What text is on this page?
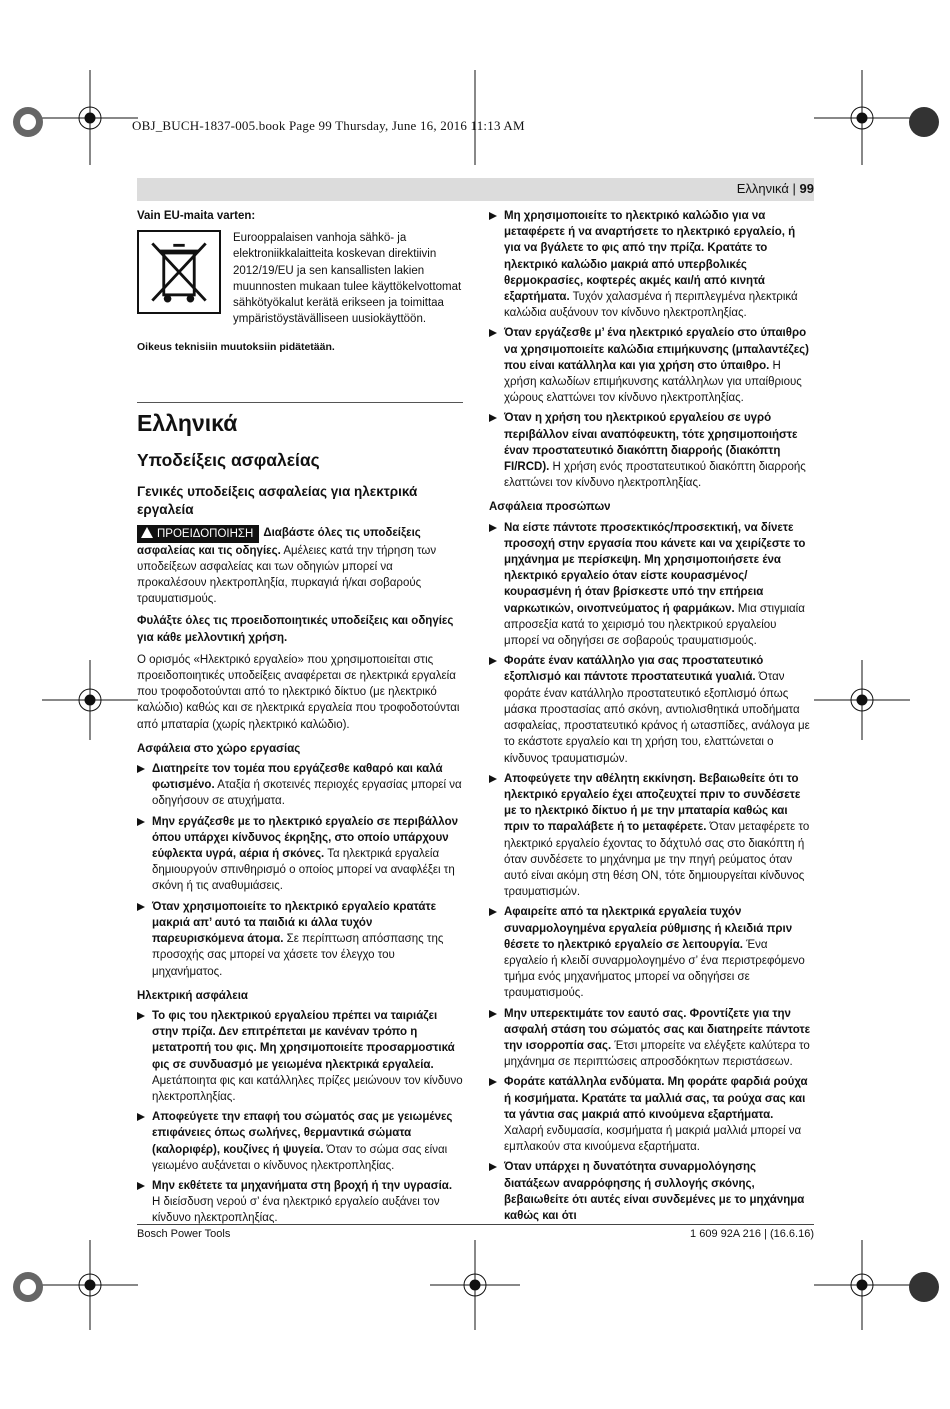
OBJ_BUCH-1837-005.book Page 99 Thursday, June 16, 2016 11:13 AM
Ελληνικά | 99

Vain EU-maita varten:

Eurooppalaisen vanhoja sähkö- ja elektroniikkalaitteita koskevan direktiivin 2012/19/EU ja sen kansallisten lakien muunnosten mukaan tulee käyttökelvottomat sähkötyökalut kerätä erikseen ja toimittaa ympäristöystävälliseen uusiokäyttöön.

Oikeus teknisiin muutoksiin pidätetään.

Ελληνικά
Υποδείξεις ασφαλείας
Γενικές υποδείξεις ασφαλείας για ηλεκτρικά εργαλεία

ΠΡΟΕΙΔΟΠΟΙΗΣΗ Διαβάστε όλες τις υποδείξεις ασφαλείας και τις οδηγίες. Αμέλειες κατά την τήρηση των υποδείξεων ασφαλείας και των οδηγιών μπορεί να προκαλέσουν ηλεκτροπληξία, πυρκαγιά ή/και σοβαρούς τραυματισμούς.

Φυλάξτε όλες τις προειδοποιητικές υποδείξεις και οδηγίες για κάθε μελλοντική χρήση.

Ο ορισμός «Ηλεκτρικό εργαλείο» που χρησιμοποιείται στις προειδοποιητικές υποδείξεις αναφέρεται σε ηλεκτρικά εργαλεία που τροφοδοτούνται από το ηλεκτρικό δίκτυο (με ηλεκτρικό καλώδιο) καθώς και σε ηλεκτρικά εργαλεία που τροφοδοτούνται από μπαταρία (χωρίς ηλεκτρικό καλώδιο).

Ασφάλεια στο χώρο εργασίας

Διατηρείτε τον τομέα που εργάζεσθε καθαρό και καλά φωτισμένο. Αταξία ή σκοτεινές περιοχές εργασίας μπορεί να οδηγήσουν σε ατυχήματα.
Μην εργάζεσθε με το ηλεκτρικό εργαλείο σε περιβάλλον όπου υπάρχει κίνδυνος έκρηξης, στο οποίο υπάρχουν εύφλεκτα υγρά, αέρια ή σκόνες. Τα ηλεκτρικά εργαλεία δημιουργούν σπινθηρισμό ο οποίος μπορεί να αναφλέξει τη σκόνη ή τις αναθυμιάσεις.
Όταν χρησιμοποιείτε το ηλεκτρικό εργαλείο κρατάτε μακριά απ’ αυτό τα παιδιά κι άλλα τυχόν παρευρισκόμενα άτομα. Σε περίπτωση απόσπασης της προσοχής σας μπορεί να χάσετε τον έλεγχο του μηχανήματος.

Ηλεκτρική ασφάλεια

Το φις του ηλεκτρικού εργαλείου πρέπει να ταιριάζει στην πρίζα. Δεν επιτρέπεται με κανέναν τρόπο η μετατροπή του φις. Μη χρησιμοποιείτε προσαρμοστικά φις σε συνδυασμό με γειωμένα ηλεκτρικά εργαλεία. Αμετάποιητα φις και κατάλληλες πρίζες μειώνουν τον κίνδυνο ηλεκτροπληξίας.
Αποφεύγετε την επαφή του σώματός σας με γειωμένες επιφάνειες όπως σωλήνες, θερμαντικά σώματα (καλοριφέρ), κουζίνες ή ψυγεία. Όταν το σώμα σας είναι γειωμένο αυξάνεται ο κίνδυνος ηλεκτροπληξίας.
Μην εκθέτετε τα μηχανήματα στη βροχή ή την υγρασία. Η διείσδυση νερού σ’ ένα ηλεκτρικό εργαλείο αυξάνει τον κίνδυνο ηλεκτροπληξίας.
Μη χρησιμοποιείτε το ηλεκτρικό καλώδιο για να μεταφέρετε ή να αναρτήσετε το ηλεκτρικό εργαλείο, ή για να βγάλετε το φις από την πρίζα. Κρατάτε το ηλεκτρικό καλώδιο μακριά από υπερβολικές θερμοκρασίες, κοφτερές ακμές και/ή από κινητά εξαρτήματα. Τυχόν χαλασμένα ή περιπλεγμένα ηλεκτρικά καλώδια αυξάνουν τον κίνδυνο ηλεκτροπληξίας.
Όταν εργάζεσθε μ’ ένα ηλεκτρικό εργαλείο στο ύπαιθρο να χρησιμοποιείτε καλώδια επιμήκυνσης (μπαλαντέζες) που είναι κατάλληλα και για χρήση στο ύπαιθρο. Η χρήση καλωδίων επιμήκυνσης κατάλληλων για υπαίθριους χώρους ελαττώνει τον κίνδυνο ηλεκτροπληξίας.
Όταν η χρήση του ηλεκτρικού εργαλείου σε υγρό περιβάλλον είναι αναπόφευκτη, τότε χρησιμοποιήστε έναν προστατευτικό διακόπτη διαρροής (διακόπτη FI/RCD). Η χρήση ενός προστατευτικού διακόπτη διαρροής ελαττώνει τον κίνδυνο ηλεκτροπληξίας.

Ασφάλεια προσώπων

Να είστε πάντοτε προσεκτικός/προσεκτική, να δίνετε προσοχή στην εργασία που κάνετε και να χειρίζεστε το μηχάνημα με περίσκεψη. Μη χρησιμοποιήσετε ένα ηλεκτρικό εργαλείο όταν είστε κουρασμένος/κουρασμένη ή όταν βρίσκεστε υπό την επήρεια ναρκωτικών, οινοπνεύματος ή φαρμάκων. Μια στιγμιαία απροσεξία κατά το χειρισμό του ηλεκτρικού εργαλείου μπορεί να οδηγήσει σε σοβαρούς τραυματισμούς.
Φοράτε έναν κατάλληλο για σας προστατευτικό εξοπλισμό και πάντοτε προστατευτικά γυαλιά. Όταν φοράτε έναν κατάλληλο προστατευτικό εξοπλισμό όπως μάσκα προστασίας από σκόνη, αντιολισθητικά υποδήματα ασφαλείας, προστατευτικό κράνος ή ωτασπίδες, ανάλογα με το εκάστοτε εργαλείο και τη χρήση του, ελαττώνεται ο κίνδυνος τραυματισμών.
Αποφεύγετε την αθέλητη εκκίνηση. Βεβαιωθείτε ότι το ηλεκτρικό εργαλείο έχει αποζευχτεί πριν το συνδέσετε με το ηλεκτρικό δίκτυο ή με την μπαταρία καθώς και πριν το παραλάβετε ή το μεταφέρετε. Όταν μεταφέρετε το ηλεκτρικό εργαλείο έχοντας το δάχτυλό σας στο διακόπτη ή όταν συνδέσετε το μηχάνημα με την πηγή ρεύματος όταν αυτό είναι ακόμη στη θέση ON, τότε δημιουργείται κίνδυνος τραυματισμών.
Αφαιρείτε από τα ηλεκτρικά εργαλεία τυχόν συναρμολογημένα εργαλεία ρύθμισης ή κλειδιά πριν θέσετε το ηλεκτρικό εργαλείο σε λειτουργία. Ένα εργαλείο ή κλειδί συναρμολογημένο σ’ ένα περιστρεφόμενο τμήμα ενός μηχανήματος μπορεί να οδηγήσει σε τραυματισμούς.
Μην υπερεκτιμάτε τον εαυτό σας. Φροντίζετε για την ασφαλή στάση του σώματός σας και διατηρείτε πάντοτε την ισορροπία σας. Έτσι μπορείτε να ελέγξετε καλύτερα το μηχάνημα σε περιπτώσεις απροσδόκητων περιστάσεων.
Φοράτε κατάλληλα ενδύματα. Μη φοράτε φαρδιά ρούχα ή κοσμήματα. Κρατάτε τα μαλλιά σας, τα ρούχα σας και τα γάντια σας μακριά από κινούμενα εξαρτήματα. Χαλαρή ενδυμασία, κοσμήματα ή μακριά μαλλιά μπορεί να εμπλακούν στα κινούμενα εξαρτήματα.
Όταν υπάρχει η δυνατότητα συναρμολόγησης διατάξεων αναρρόφησης ή συλλογής σκόνης, βεβαιωθείτε ότι αυτές είναι συνδεμένες με το μηχάνημα καθώς και ότι
Bosch Power Tools	1 609 92A 216 | (16.6.16)
